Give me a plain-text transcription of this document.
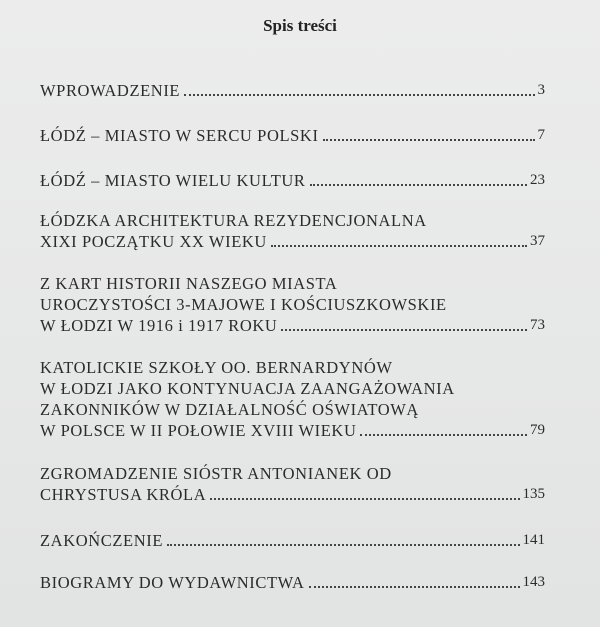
Spis treści
WPROWADZENIE	3
ŁÓDŹ – MIASTO W SERCU POLSKI	7
ŁÓDŹ – MIASTO WIELU KULTUR	23
ŁÓDZKA ARCHITEKTURA REZYDENCJONALNA
XIXI POCZĄTKU XX WIEKU	37
Z KART HISTORII NASZEGO MIASTA
UROCZYSTOŚCI 3-MAJOWE I KOŚCIUSZKOWSKIE
W ŁODZI W 1916 i 1917 ROKU	73
KATOLICKIE SZKOŁY OO. BERNARDYNÓW
W ŁODZI JAKO KONTYNUACJA ZAANGAŻOWANIA
ZAKONNIKÓW W DZIAŁALNOŚĆ OŚWIATOWĄ
W POLSCE W II POŁOWIE XVIII WIEKU	79
ZGROMADZENIE SIÓSTR ANTONIANEK OD
CHRYSTUSA KRÓLA	135
ZAKOŃCZENIE	141
BIOGRAMY DO WYDAWNICTWA	143
